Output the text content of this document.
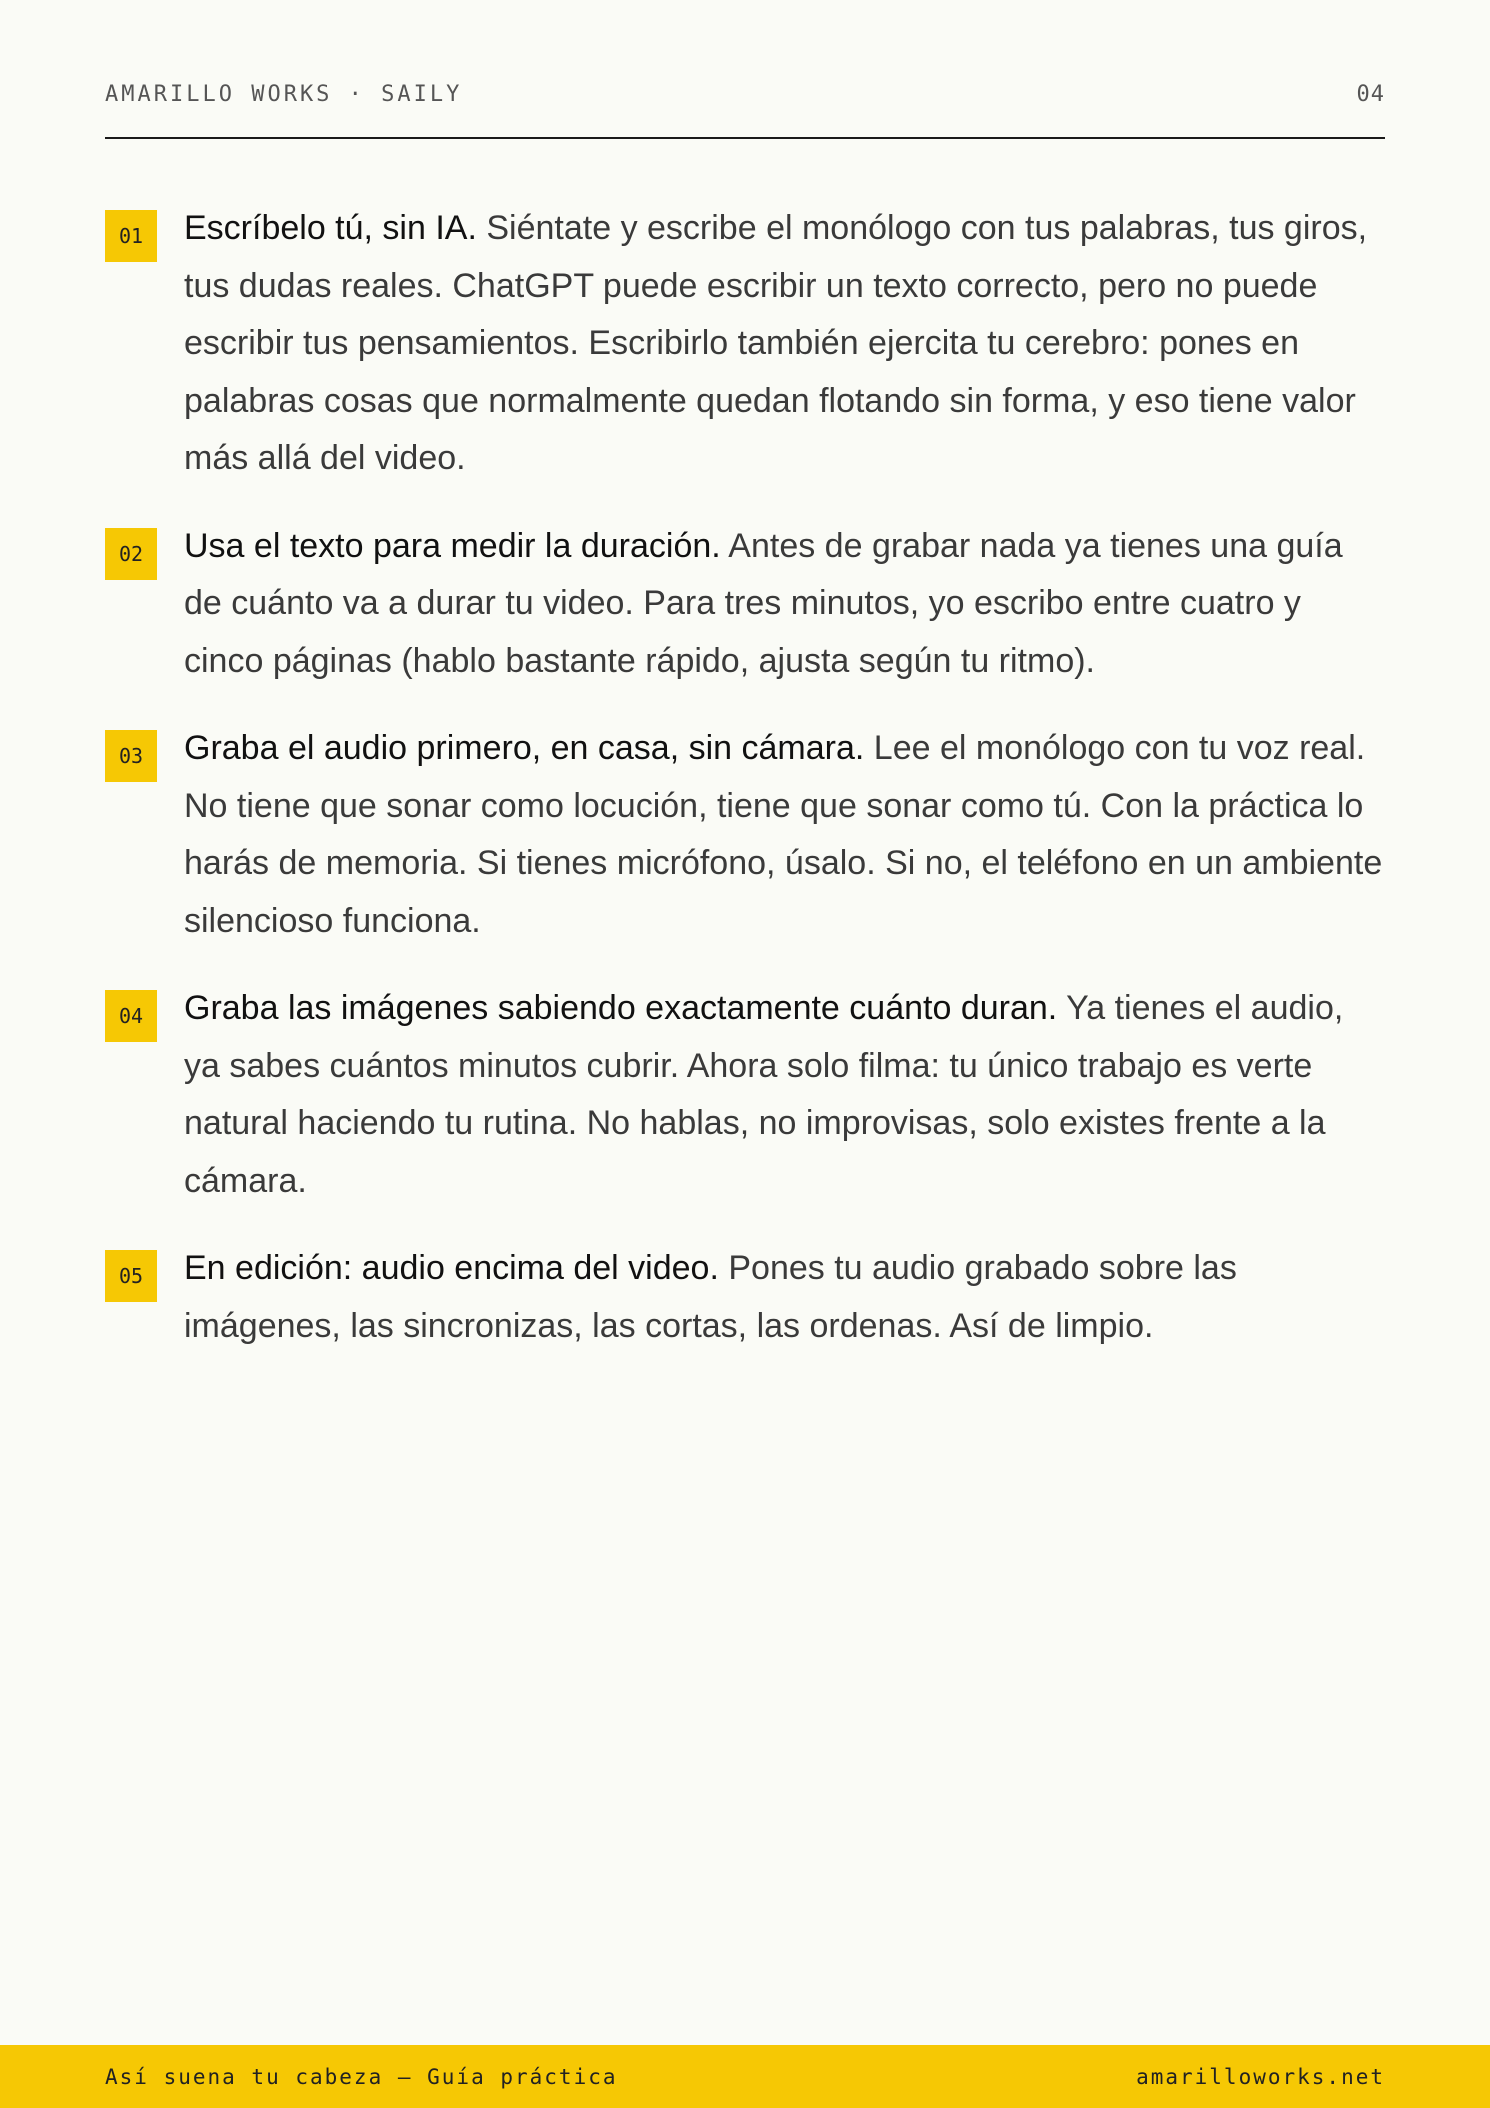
AMARILLO WORKS · SAILY	04
01	Escríbelo tú, sin IA. Siéntate y escribe el monólogo con tus palabras, tus giros, tus dudas reales. ChatGPT puede escribir un texto correcto, pero no puede escribir tus pensamientos. Escribirlo también ejercita tu cerebro: pones en palabras cosas que normalmente quedan flotando sin forma, y eso tiene valor más allá del video.
02	Usa el texto para medir la duración. Antes de grabar nada ya tienes una guía de cuánto va a durar tu video. Para tres minutos, yo escribo entre cuatro y cinco páginas (hablo bastante rápido, ajusta según tu ritmo).
03	Graba el audio primero, en casa, sin cámara. Lee el monólogo con tu voz real. No tiene que sonar como locución, tiene que sonar como tú. Con la práctica lo harás de memoria. Si tienes micrófono, úsalo. Si no, el teléfono en un ambiente silencioso funciona.
04	Graba las imágenes sabiendo exactamente cuánto duran. Ya tienes el audio, ya sabes cuántos minutos cubrir. Ahora solo filma: tu único trabajo es verte natural haciendo tu rutina. No hablas, no improvisas, solo existes frente a la cámara.
05	En edición: audio encima del video. Pones tu audio grabado sobre las imágenes, las sincronizas, las cortas, las ordenas. Así de limpio.
Así suena tu cabeza — Guía práctica	amarilloworks.net
